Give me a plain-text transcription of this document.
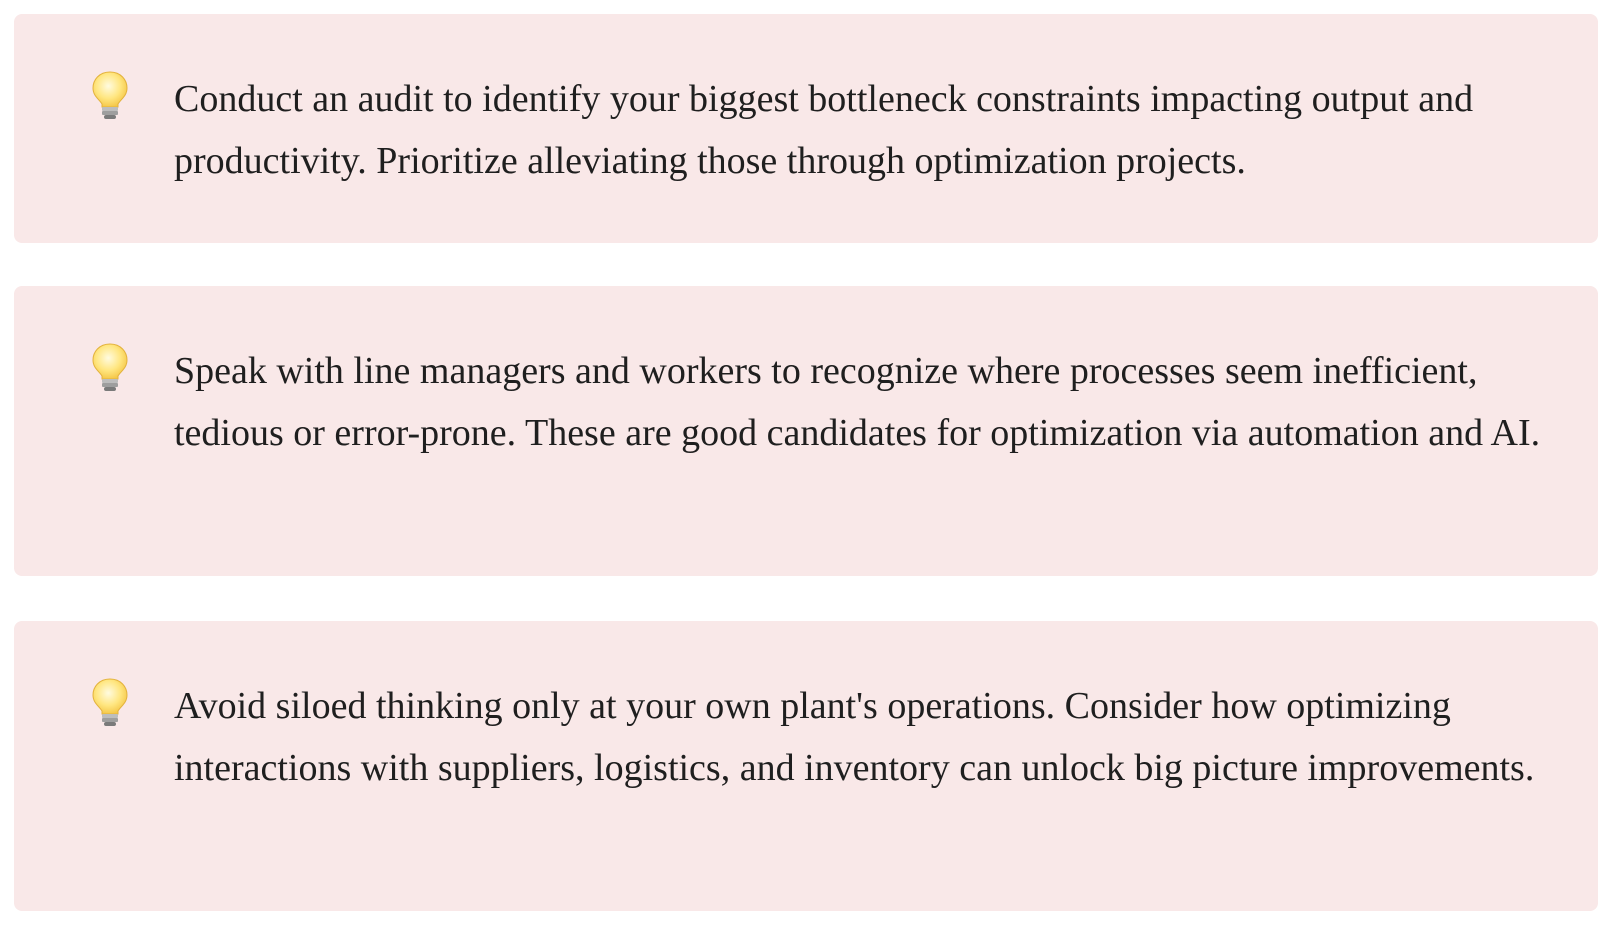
Conduct an audit to identify your biggest bottleneck constraints impacting output and productivity. Prioritize alleviating those through optimization projects.

Speak with line managers and workers to recognize where processes seem inefficient, tedious or error-prone. These are good candidates for optimization via automation and AI.

Avoid siloed thinking only at your own plant's operations. Consider how optimizing interactions with suppliers, logistics, and inventory can unlock big picture improvements.
